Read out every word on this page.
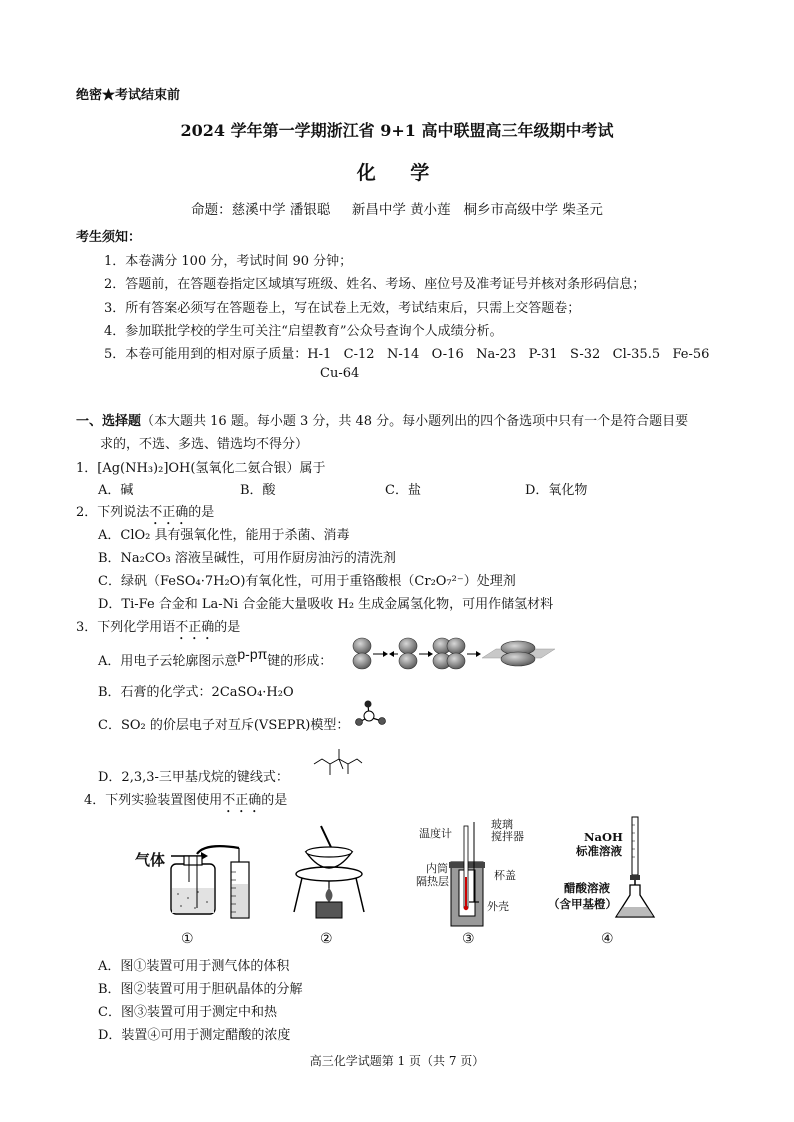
绝密★考试结束前
2024 学年第一学期浙江省 9+1 高中联盟高三年级期中考试
化 学
命题：慈溪中学 潘银聪     新昌中学 黄小莲   桐乡市高级中学 柴圣元
考生须知：
1．本卷满分 100 分，考试时间 90 分钟；
2．答题前，在答题卷指定区域填写班级、姓名、考场、座位号及准考证号并核对条形码信息；
3．所有答案必须写在答题卷上，写在试卷上无效，考试结束后，只需上交答题卷；
4．参加联批学校的学生可关注“启望教育”公众号查询个人成绩分析。
5．本卷可能用到的相对原子质量：H-1   C-12   N-14   O-16   Na-23   P-31   S-32   Cl-35.5   Fe-56
Cu-64
一、选择题（本大题共 16 题。每小题 3 分，共 48 分。每小题列出的四个备选项中只有一个是符合题目要
求的，不选、多选、错选均不得分）
1．[Ag(NH₃)₂]OH(氢氧化二氨合银）属于
A．碱	B．酸	C．盐	D．氧化物
2．下列说法不正确的是
A．ClO₂ 具有强氧化性，能用于杀菌、消毒
B．Na₂CO₃ 溶液呈碱性，可用作厨房油污的清洗剂
C．绿矾（FeSO₄·7H₂O)有氧化性，可用于重铬酸根（Cr₂O₇²⁻）处理剂
D．Ti-Fe 合金和 La-Ni 合金能大量吸收 H₂ 生成金属氢化物，可用作储氢材料
3．下列化学用语不正确的是
A．用电子云轮廓图示意p-pπ键的形成：
B．石膏的化学式：2CaSO₄·H₂O
C．SO₂ 的价层电子对互斥(VSEPR)模型：
D．2,3,3-三甲基戊烷的键线式：
4．下列实验装置图使用不正确的是
气体
温度计
玻璃
搅拌器
内筒
隔热层	杯盖
外壳
NaOH
标准溶液
醋酸溶液
（含甲基橙）
①	②	③	④
A．图①装置可用于测气体的体积
B．图②装置可用于胆矾晶体的分解
C．图③装置可用于测定中和热
D．装置④可用于测定醋酸的浓度
高三化学试题第 1 页（共 7 页）
